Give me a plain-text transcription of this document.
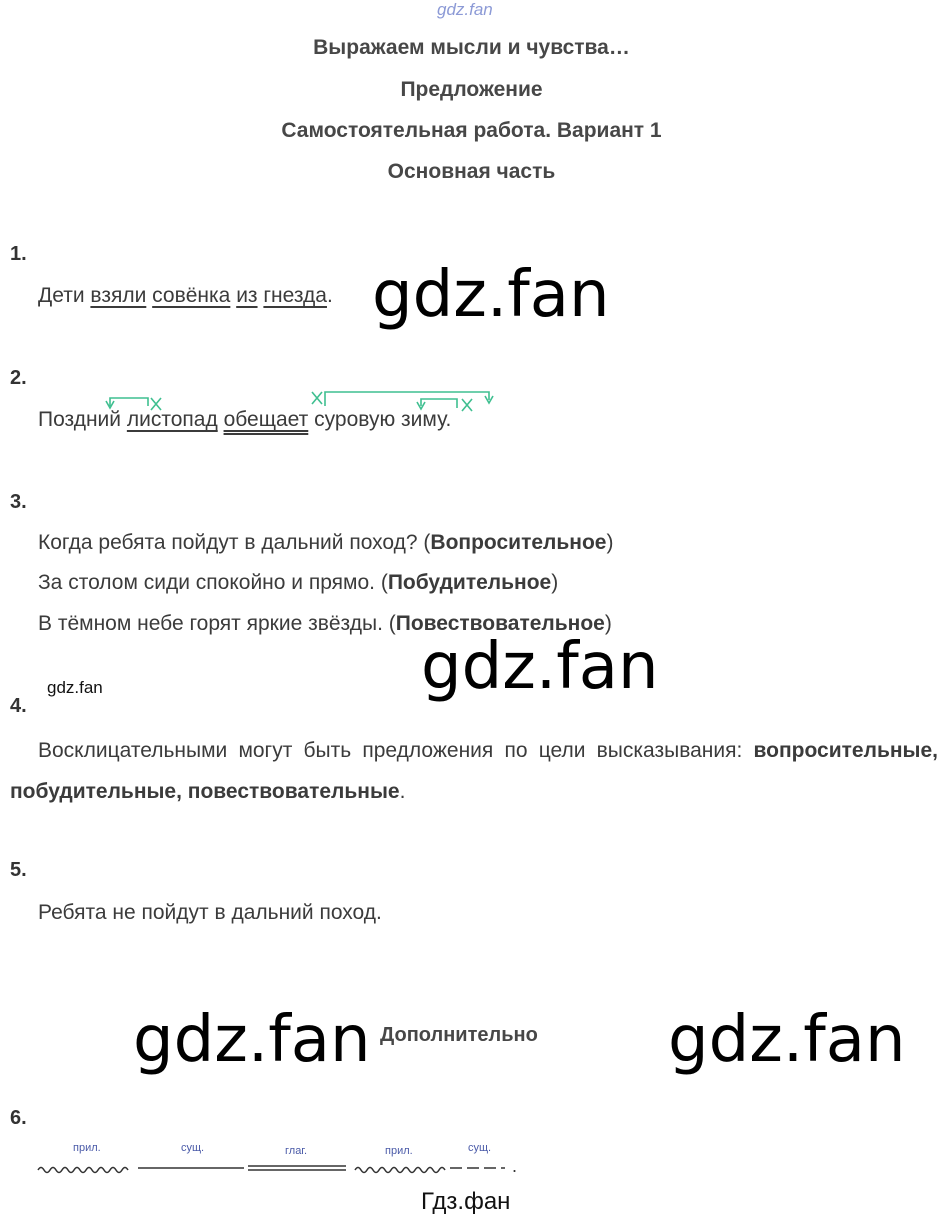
gdz.fan
Выражаем мысли и чувства…
Предложение
Самостоятельная работа. Вариант 1
Основная часть
1.
Дети взяли совёнка из гнезда. gdz.fan
2.
Поздний листопад обещает суровую зиму.
3.
Когда ребята пойдут в дальний поход? (Вопросительное)
За столом сиди спокойно и прямо. (Побудительное)
В тёмном небе горят яркие звёзды. (Повествовательное)
gdz.fan
gdz.fan
4.
Восклицательными могут быть предложения по цели высказывания: вопросительные, побудительные, повествовательные.
5.
Ребята не пойдут в дальний поход.
gdz.fan Дополнительно gdz.fan
6.
прил.	сущ.	глаг.	прил.	сущ.
.
Гдз.фан
